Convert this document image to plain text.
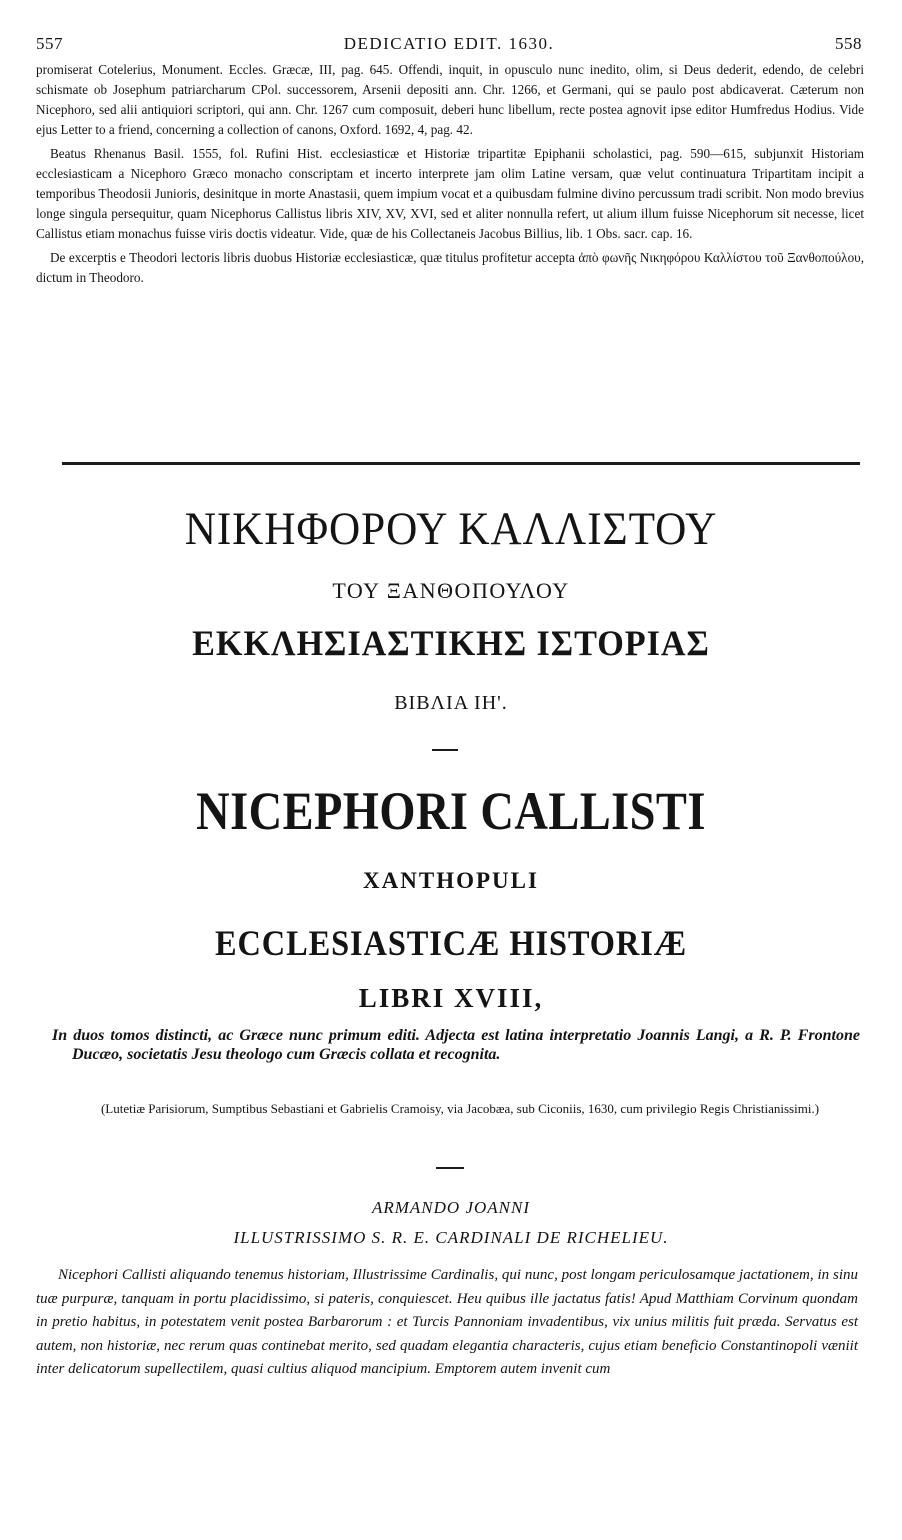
557	DEDICATIO EDIT. 1630.	558

promiserat Cotelerius, Monument. Eccles. Græcæ, III, pag. 645. Offendi, inquit, in opusculo nunc inedito, olim, si Deus dederit, edendo, de celebri schismate ob Josephum patriarcharum CPol. successorem, Arsenii depositi ann. Chr. 1266, et Germani, qui se paulo post abdicaverat. Cæterum non Nicephoro, sed alii antiquiori scriptori, qui ann. Chr. 1267 cum composuit, deberi hunc libellum, recte postea agnovit ipse editor Humfredus Hodius. Vide ejus Letter to a friend, concerning a collection of canons, Oxford. 1692, 4, pag. 42.

Beatus Rhenanus Basil. 1555, fol. Rufini Hist. ecclesiasticæ et Historiæ tripartitæ Epiphanii scholastici, pag. 590—615, subjunxit Historiam ecclesiasticam a Nicephoro Græco monacho conscriptam et incerto interprete jam olim Latine versam, quæ velut continuatura Tripartitam incipit a temporibus Theodosii Junioris, desinitque in morte Anastasii, quem impium vocat et a quibusdam fulmine divino percussum tradi scribit. Non modo brevius longe singula persequitur, quam Nicephorus Callistus libris XIV, XV, XVI, sed et aliter nonnulla refert, ut alium illum fuisse Nicephorum sit necesse, licet Callistus etiam monachus fuisse viris doctis videatur. Vide, quæ de his Collectaneis Jacobus Billius, lib. 1 Obs. sacr. cap. 16.

De excerptis e Theodori lectoris libris duobus Historiæ ecclesiasticæ, quæ titulus profitetur accepta ἀπὸ φωνῆς Νικηφόρου Καλλίστου τοῦ Ξανθοπούλου, dictum in Theodoro.

ΝΙΚΗΦΟΡΟΥ ΚΑΛΛΙΣΤΟΥ
ΤΟΥ ΞΑΝΘΟΠΟΥΛΟΥ
ΕΚΚΛΗΣΙΑΣΤΙΚΗΣ ΙΣΤΟΡΙΑΣ
ΒΙΒΛΙΑ ΙΗ'.
NICEPHORI CALLISTI
XANTHOPULI
ECCLESIASTICÆ HISTORIÆ
LIBRI XVIII,
In duos tomos distincti, ac Græce nunc primum editi. Adjecta est latina interpretatio Joannis Langi, a R. P. Frontone Ducæo, societatis Jesu theologo cum Græcis collata et recognita.
(Lutetiæ Parisiorum, Sumptibus Sebastiani et Gabrielis Cramoisy, via Jacobæa, sub Ciconiis, 1630, cum privilegio Regis Christianissimi.)
ARMANDO JOANNI
ILLUSTRISSIMO S. R. E. CARDINALI DE RICHELIEU.
Nicephori Callisti aliquando tenemus historiam, Illustrissime Cardinalis, qui nunc, post longam periculosamque jactationem, in sinu tuæ purpuræ, tanquam in portu placidissimo, si pateris, conquiescet. Heu quibus ille jactatus fatis! Apud Matthiam Corvinum quondam in pretio habitus, in potestatem venit postea Barbarorum : et Turcis Pannoniam invadentibus, vix unius militis fuit præda. Servatus est autem, non historiæ, nec rerum quas continebat merito, sed quadam elegantia characteris, cujus etiam beneficio Constantinopoli væniit inter delicatorum supellectilem, quasi cultius aliquod mancipium. Emptorem autem invenit cum
